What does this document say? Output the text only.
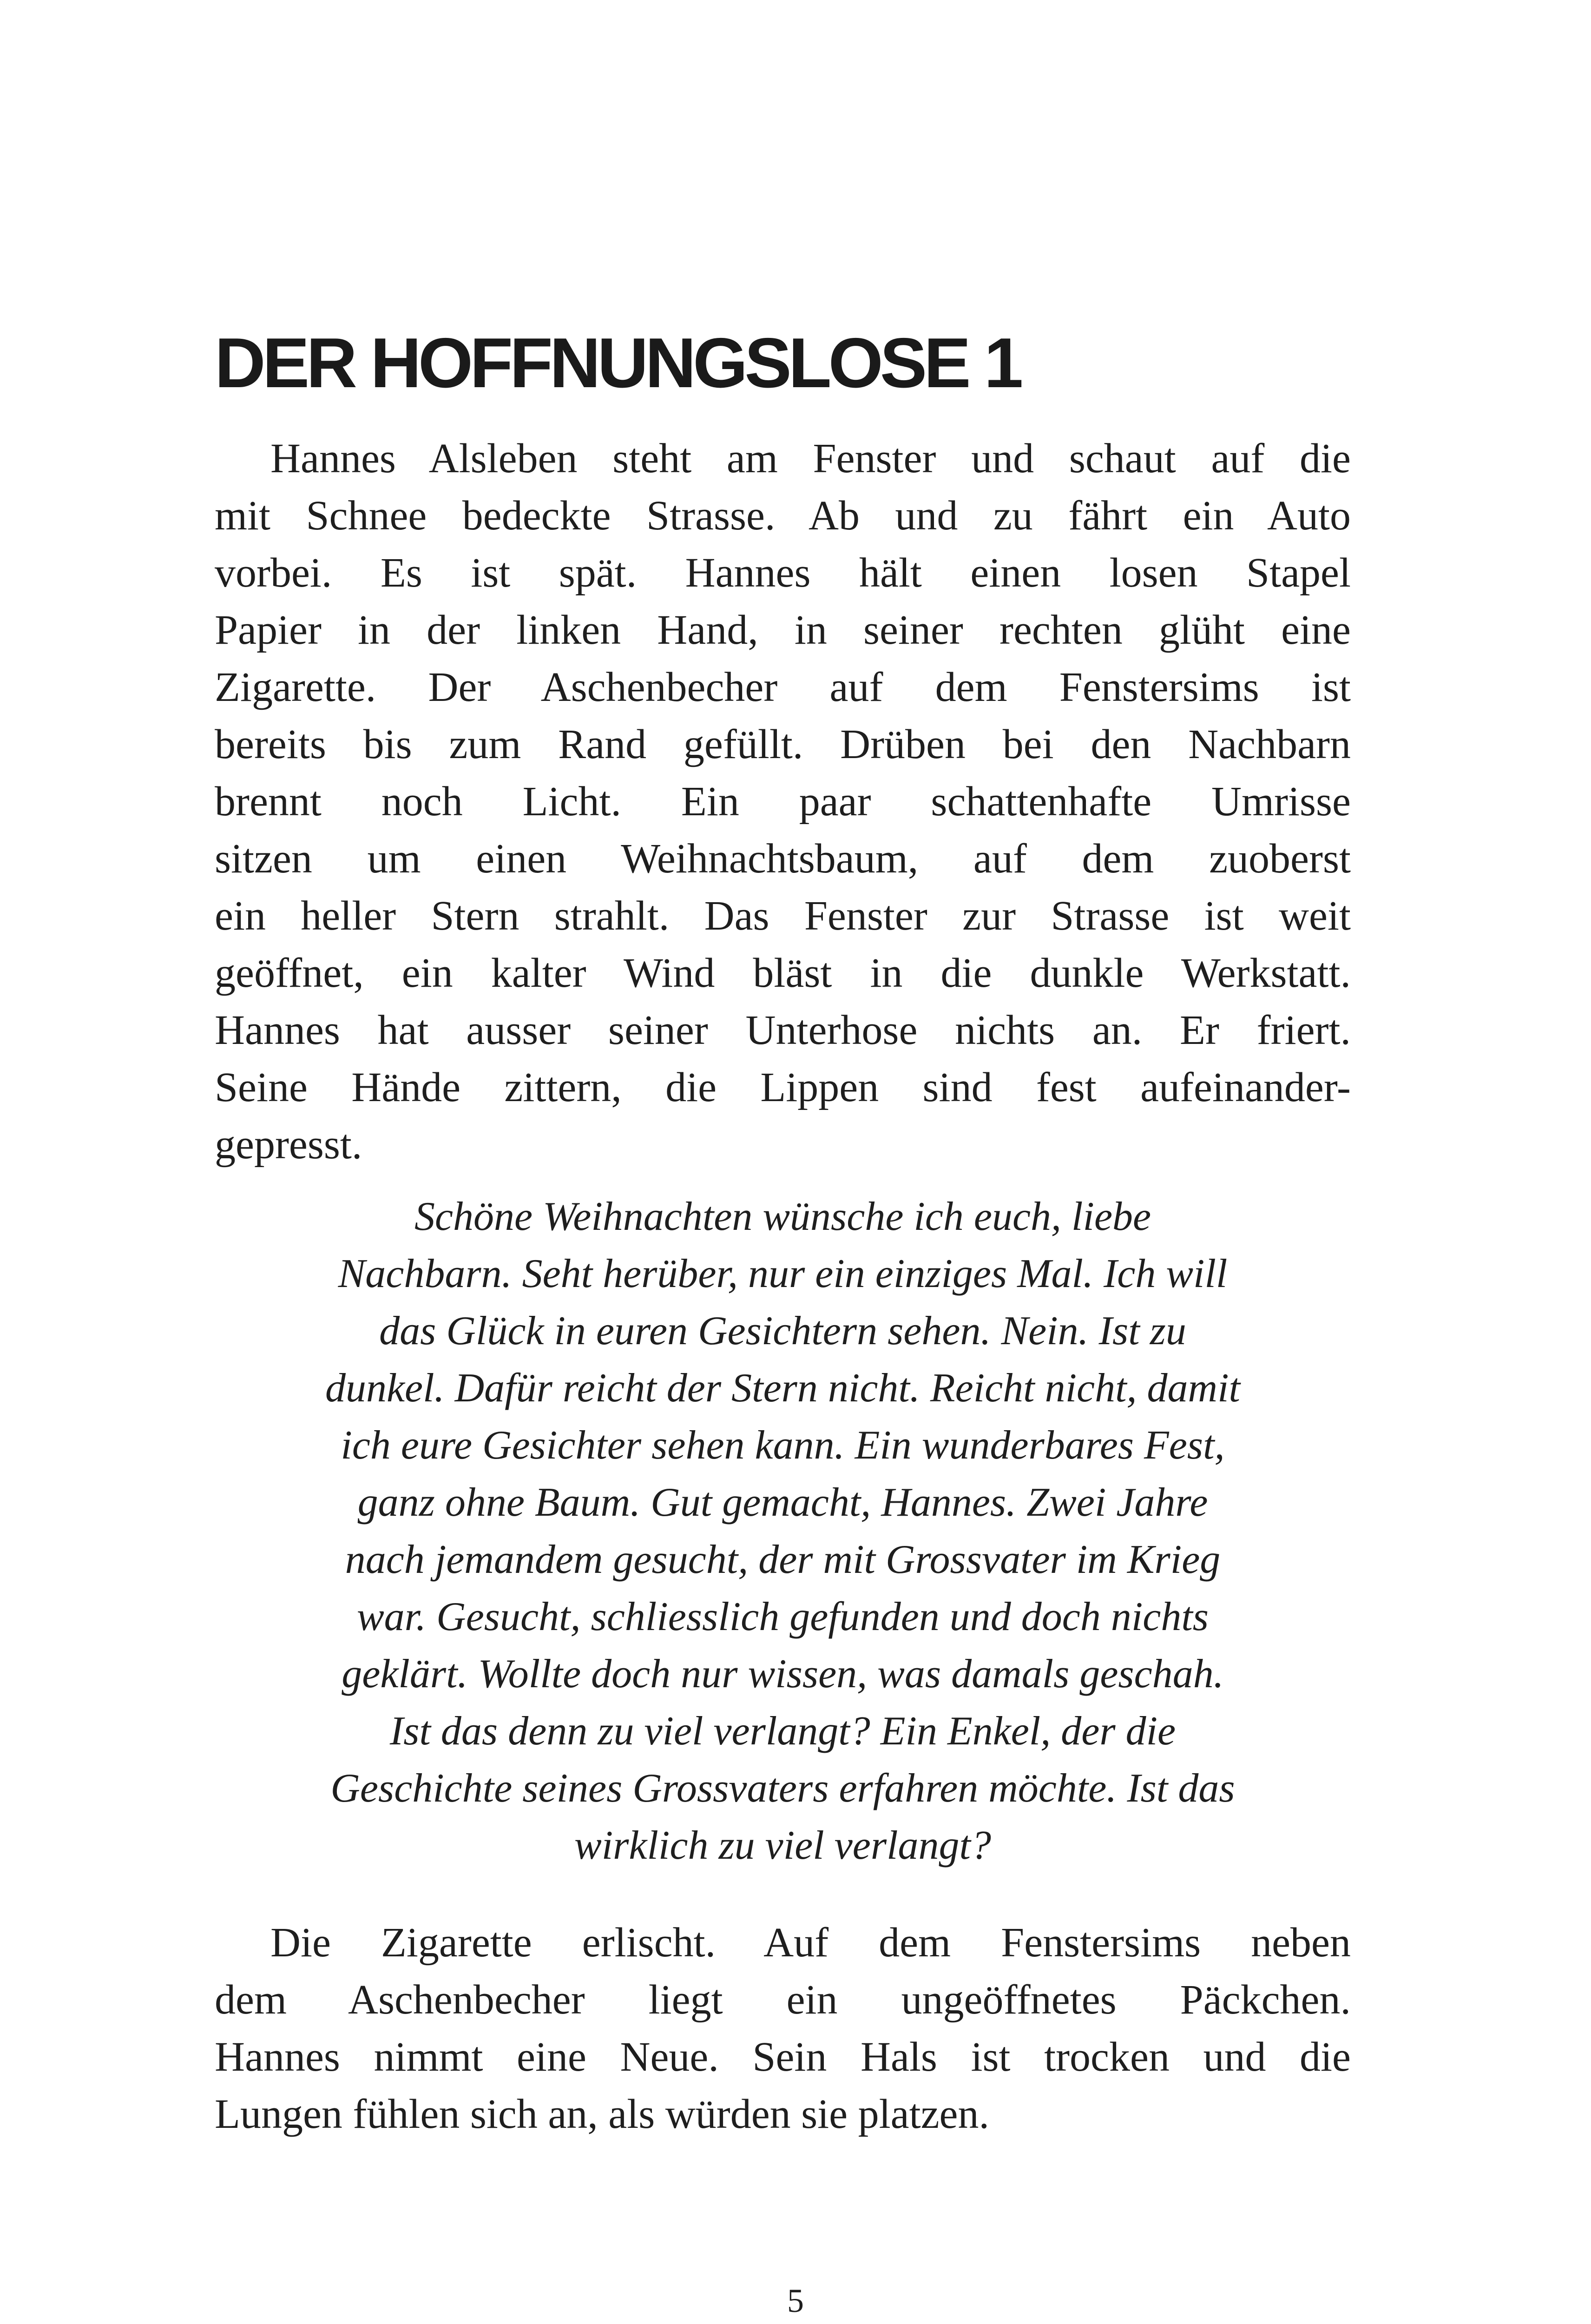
DER HOFFNUNGSLOSE 1
Hannes Alsleben steht am Fenster und schaut auf die
mit Schnee bedeckte Strasse. Ab und zu fährt ein Auto
vorbei. Es ist spät. Hannes hält einen losen Stapel
Papier in der linken Hand, in seiner rechten glüht eine
Zigarette. Der Aschenbecher auf dem Fenstersims ist
bereits bis zum Rand gefüllt. Drüben bei den Nachbarn
brennt noch Licht. Ein paar schattenhafte Umrisse
sitzen um einen Weihnachtsbaum, auf dem zuoberst
ein heller Stern strahlt. Das Fenster zur Strasse ist weit
geöffnet, ein kalter Wind bläst in die dunkle Werkstatt.
Hannes hat ausser seiner Unterhose nichts an. Er friert.
Seine Hände zittern, die Lippen sind fest aufeinander-
gepresst.
Schöne Weihnachten wünsche ich euch, liebe
Nachbarn. Seht herüber, nur ein einziges Mal. Ich will
das Glück in euren Gesichtern sehen. Nein. Ist zu
dunkel. Dafür reicht der Stern nicht. Reicht nicht, damit
ich eure Gesichter sehen kann. Ein wunderbares Fest,
ganz ohne Baum. Gut gemacht, Hannes. Zwei Jahre
nach jemandem gesucht, der mit Grossvater im Krieg
war. Gesucht, schliesslich gefunden und doch nichts
geklärt. Wollte doch nur wissen, was damals geschah.
Ist das denn zu viel verlangt? Ein Enkel, der die
Geschichte seines Grossvaters erfahren möchte. Ist das
wirklich zu viel verlangt?
Die Zigarette erlischt. Auf dem Fenstersims neben
dem Aschenbecher liegt ein ungeöffnetes Päckchen.
Hannes nimmt eine Neue. Sein Hals ist trocken und die
Lungen fühlen sich an, als würden sie platzen.
5
